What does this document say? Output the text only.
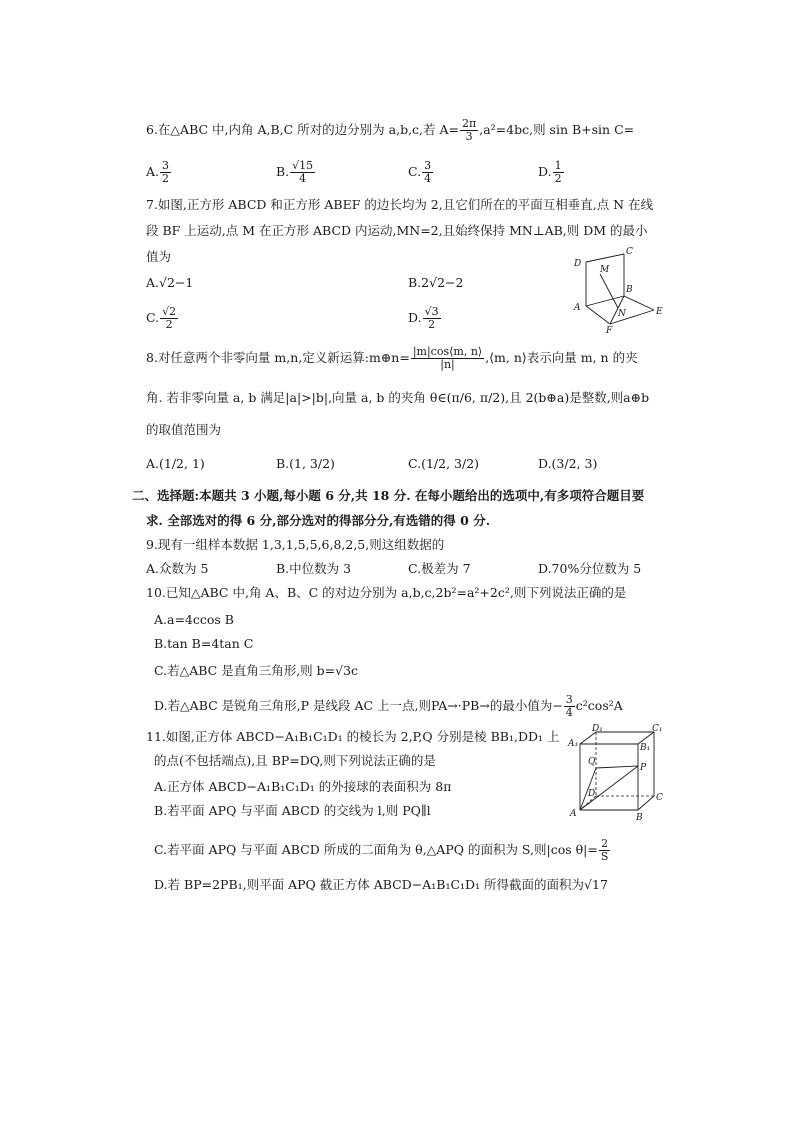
6.在△ABC 中,内角 A,B,C 所对的边分别为 a,b,c,若 $A= \frac{2\pi}{3} ,a^2=4bc$,则 sin B+sin C=
A. $\frac{3}{2}$	B. $\frac{√15}{4}$	C. $\frac{3}{4}$	D. $\frac{1}{2}$
7.如图,正方形 ABCD 和正方形 ABEF 的边长均为 2,且它们所在的平面互相垂直,点 N 在线
段 BF 上运动,点 M 在正方形 ABCD 内运动,MN=2,且始终保持 MN⊥AB,则 DM 的最小
值为
A.√2−1	B.2√2−2
C. $\frac{√2}{2}$	D. $\frac{√3}{2}$
D
C
M
B
A
N	E
F
8.对任意两个非零向量 m,n,定义新运算:m⊕n= $\frac{|m|\cos⟨m, n⟩}{|n|}$ ,⟨m, n⟩表示向量 m, n 的夹
角. 若非零向量 a, b 满足|a|>|b|,向量 a, b 的夹角 θ∈(π/6, π/2),且 2(b⊕a)是整数,则a⊕b
的取值范围为
A.(1/2, 1)	B.(1, 3/2)	C.(1/2, 3/2)	D.(3/2, 3)
二、选择题:本题共 3 小题,每小题 6 分,共 18 分. 在每小题给出的选项中,有多项符合题目要
求. 全部选对的得 6 分,部分选对的得部分分,有选错的得 0 分.
9.现有一组样本数据 1,3,1,5,5,6,8,2,5,则这组数据的
A.众数为 5	B.中位数为 3	C.极差为 7	D.70%分位数为 5
10.已知△ABC 中,角 A、B、C 的对边分别为 a,b,c,2b²=a²+2c²,则下列说法正确的是
A.a=4ccos B
B.tan B=4tan C
C.若△ABC 是直角三角形,则 b=√3c
D.若△ABC 是锐角三角形,P 是线段 AC 上一点,则PA→·PB→的最小值为− $\frac{3}{4} c^2\cos^2A$
11.如图,正方体 ABCD−A₁B₁C₁D₁ 的棱长为 2,P,Q 分别是棱 BB₁,DD₁ 上
的点(不包括端点),且 BP=DQ,则下列说法正确的是
A.正方体 ABCD−A₁B₁C₁D₁ 的外接球的表面积为 8π
B.若平面 APQ 与平面 ABCD 的交线为 l,则 PQ∥l
C.若平面 APQ 与平面 ABCD 所成的二面角为 θ,△APQ 的面积为 S,则|cos $\theta|= \frac{2}{S}$
D.若 BP=2PB₁,则平面 APQ 截正方体 ABCD−A₁B₁C₁D₁ 所得截面的面积为√17
D₁	C₁
A₁
Q
B₁
P
D	C
A	B
